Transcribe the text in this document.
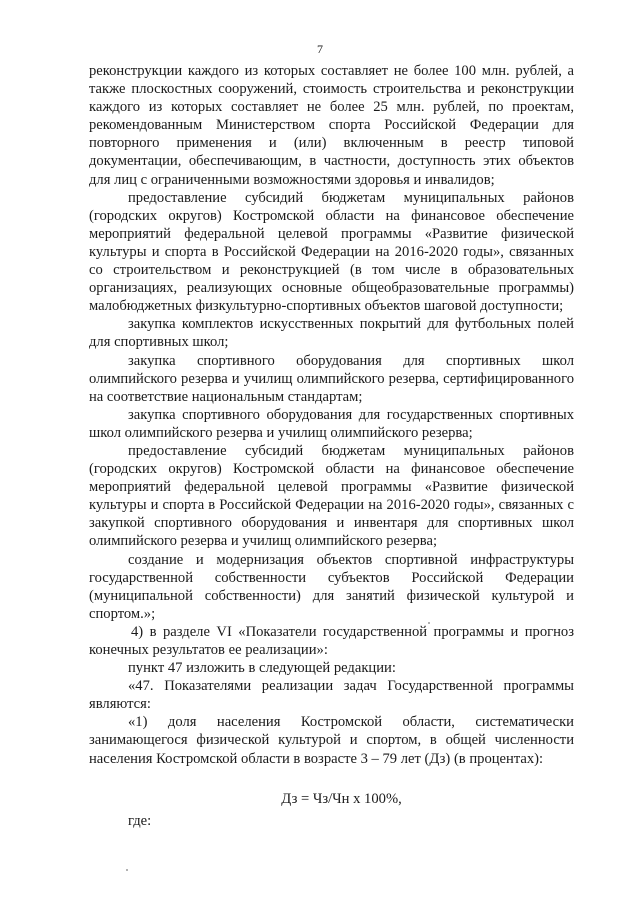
7

реконструкции каждого из которых составляет не более 100 млн. рублей, а также плоскостных сооружений, стоимость строительства и реконструкции каждого из которых составляет не более 25 млн. рублей, по проектам, рекомендованным Министерством спорта Российской Федерации для повторного применения и (или) включенным в реестр типовой документации, обеспечивающим, в частности, доступность этих объектов для лиц с ограниченными возможностями здоровья и инвалидов;

предоставление субсидий бюджетам муниципальных районов (городских округов) Костромской области на финансовое обеспечение мероприятий федеральной целевой программы «Развитие физической культуры и спорта в Российской Федерации на 2016-2020 годы», связанных со строительством и реконструкцией (в том числе в образовательных организациях, реализующих основные общеобразовательные программы) малобюджетных физкультурно-спортивных объектов шаговой доступности;

закупка комплектов искусственных покрытий для футбольных полей для спортивных школ;

закупка спортивного оборудования для спортивных школ олимпийского резерва и училищ олимпийского резерва, сертифицированного на соответствие национальным стандартам;

закупка спортивного оборудования для государственных спортивных школ олимпийского резерва и училищ олимпийского резерва;

предоставление субсидий бюджетам муниципальных районов (городских округов) Костромской области на финансовое обеспечение мероприятий федеральной целевой программы «Развитие физической культуры и спорта в Российской Федерации на 2016-2020 годы», связанных с закупкой спортивного оборудования и инвентаря для спортивных школ олимпийского резерва и училищ олимпийского резерва;

создание и модернизация объектов спортивной инфраструктуры государственной собственности субъектов Российской Федерации (муниципальной собственности) для занятий физической культурой и спортом.»;

4) в разделе VI «Показатели государственной программы и прогноз конечных результатов ее реализации»:

пункт 47 изложить в следующей редакции:

«47. Показателями реализации задач Государственной программы являются:

«1) доля населения Костромской области, систематически занимающегося физической культурой и спортом, в общей численности населения Костромской области в возрасте 3 – 79 лет (Дз) (в процентах):

Дз = Чз/Чн х 100%,

где:
